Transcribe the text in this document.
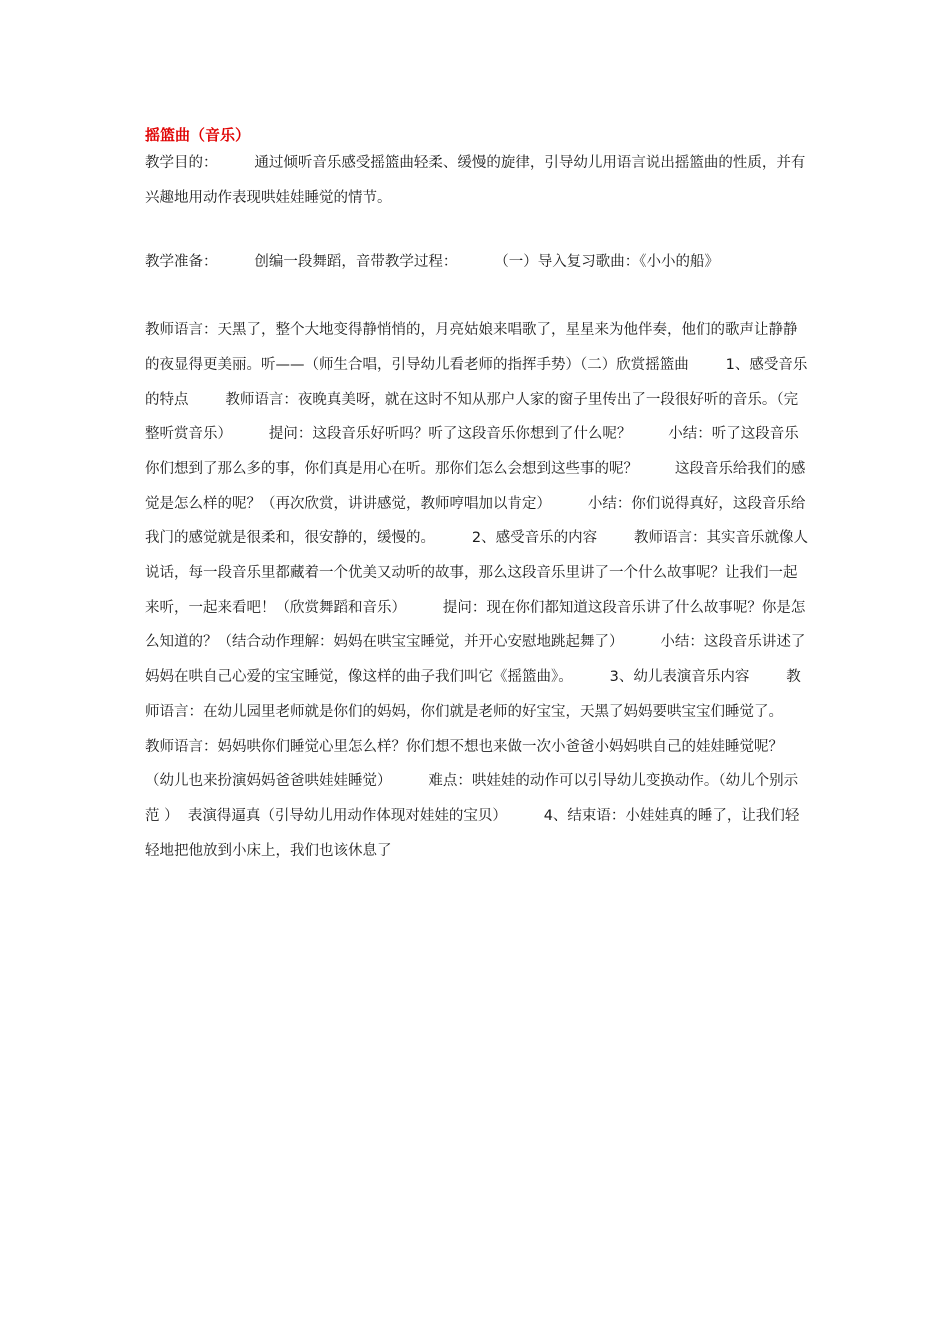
摇篮曲（音乐）

教学目的：        通过倾听音乐感受摇篮曲轻柔、缓慢的旋律，引导幼儿用语言说出摇篮曲的性质，并有兴趣地用动作表现哄娃娃睡觉的情节。

教学准备：        创编一段舞蹈，音带教学过程：        （一）导入复习歌曲：《小小的船》

教师语言：天黑了，整个大地变得静悄悄的，月亮姑娘来唱歌了，星星来为他伴奏，他们的歌声让静静的夜显得更美丽。听——（师生合唱，引导幼儿看老师的指挥手势）（二）欣赏摇篮曲        1、感受音乐的特点        教师语言：夜晚真美呀，就在这时不知从那户人家的窗子里传出了一段很好听的音乐。（完整听赏音乐）        提问：这段音乐好听吗？听了这段音乐你想到了什么呢？        小结：听了这段音乐你们想到了那么多的事，你们真是用心在听。那你们怎么会想到这些事的呢？        这段音乐给我们的感觉是怎么样的呢？（再次欣赏，讲讲感觉，教师哼唱加以肯定）        小结：你们说得真好，这段音乐给我门的感觉就是很柔和，很安静的，缓慢的。        2、感受音乐的内容        教师语言：其实音乐就像人说话，每一段音乐里都藏着一个优美又动听的故事，那么这段音乐里讲了一个什么故事呢？让我们一起来听，一起来看吧！（欣赏舞蹈和音乐）        提问：现在你们都知道这段音乐讲了什么故事呢？你是怎么知道的？（结合动作理解：妈妈在哄宝宝睡觉，并开心安慰地跳起舞了）        小结：这段音乐讲述了妈妈在哄自己心爱的宝宝睡觉，像这样的曲子我们叫它《摇篮曲》。        3、幼儿表演音乐内容        教师语言：在幼儿园里老师就是你们的妈妈，你们就是老师的好宝宝，天黑了妈妈要哄宝宝们睡觉了。        教师语言：妈妈哄你们睡觉心里怎么样？你们想不想也来做一次小爸爸小妈妈哄自己的娃娃睡觉呢？（幼儿也来扮演妈妈爸爸哄娃娃睡觉）        难点：哄娃娃的动作可以引导幼儿变换动作。（幼儿个别示范 ）  表演得逼真（引导幼儿用动作体现对娃娃的宝贝）        4、结束语：小娃娃真的睡了，让我们轻轻地把他放到小床上，我们也该休息了
